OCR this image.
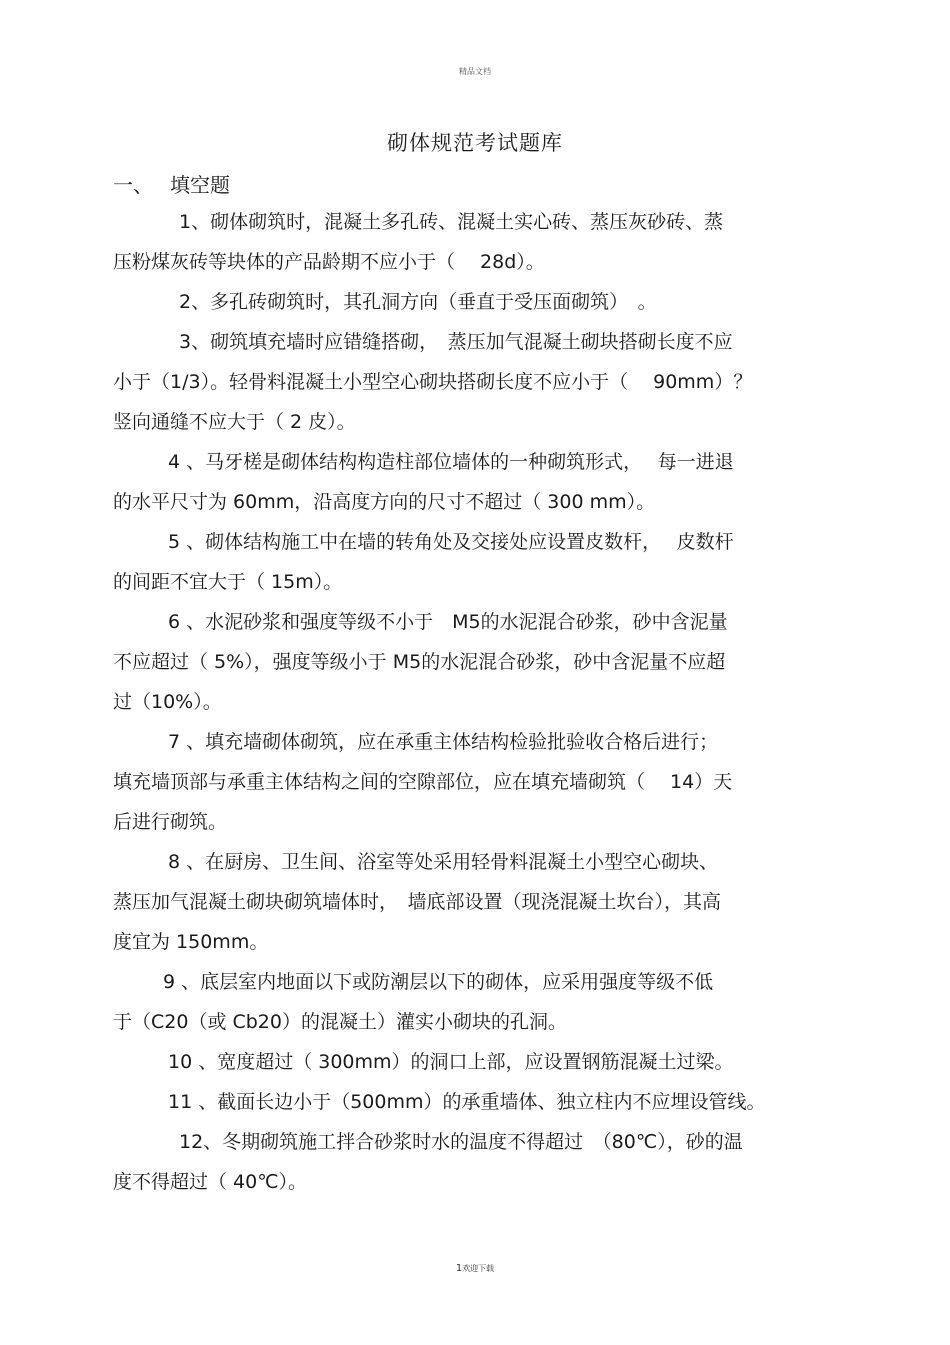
精品文档
砌体规范考试题库
一、 填空题
1、砌体砌筑时，混凝土多孔砖、混凝土实心砖、蒸压灰砂砖、蒸
压粉煤灰砖等块体的产品龄期不应小于（　 28d）。
2、多孔砖砌筑时，其孔洞方向（垂直于受压面砌筑）　。
3、砌筑填充墙时应错缝搭砌，　蒸压加气混凝土砌块搭砌长度不应
小于（1/3）。轻骨料混凝土小型空心砌块搭砌长度不应小于（　 90mm）？
竖向通缝不应大于（ 2 皮）。
4 、马牙槎是砌体结构构造柱部位墙体的一种砌筑形式，　 每一进退
的水平尺寸为 60mm，沿高度方向的尺寸不超过（ 300 mm）。
5 、砌体结构施工中在墙的转角处及交接处应设置皮数杆，　 皮数杆
的间距不宜大于（ 15m）。
6 、水泥砂浆和强度等级不小于　M5的水泥混合砂浆，砂中含泥量
不应超过（ 5%），强度等级小于 M5的水泥混合砂浆，砂中含泥量不应超
过（10%）。
7 、填充墙砌体砌筑，应在承重主体结构检验批验收合格后进行；
填充墙顶部与承重主体结构之间的空隙部位，应在填充墙砌筑（　 14）天
后进行砌筑。
8 、在厨房、卫生间、浴室等处采用轻骨料混凝土小型空心砌块、
蒸压加气混凝土砌块砌筑墙体时，　墙底部设置（现浇混凝土坎台），其高
度宜为 150mm。
9 、底层室内地面以下或防潮层以下的砌体，应采用强度等级不低
于（C20（或 Cb20）的混凝土）灌实小砌块的孔洞。
10 、宽度超过（ 300mm）的洞口上部，应设置钢筋混凝土过梁。
11 、截面长边小于（500mm）的承重墙体、独立柱内不应埋设管线。
12、冬期砌筑施工拌合砂浆时水的温度不得超过　（80℃），砂的温
度不得超过（ 40℃）。
1欢迎下载
